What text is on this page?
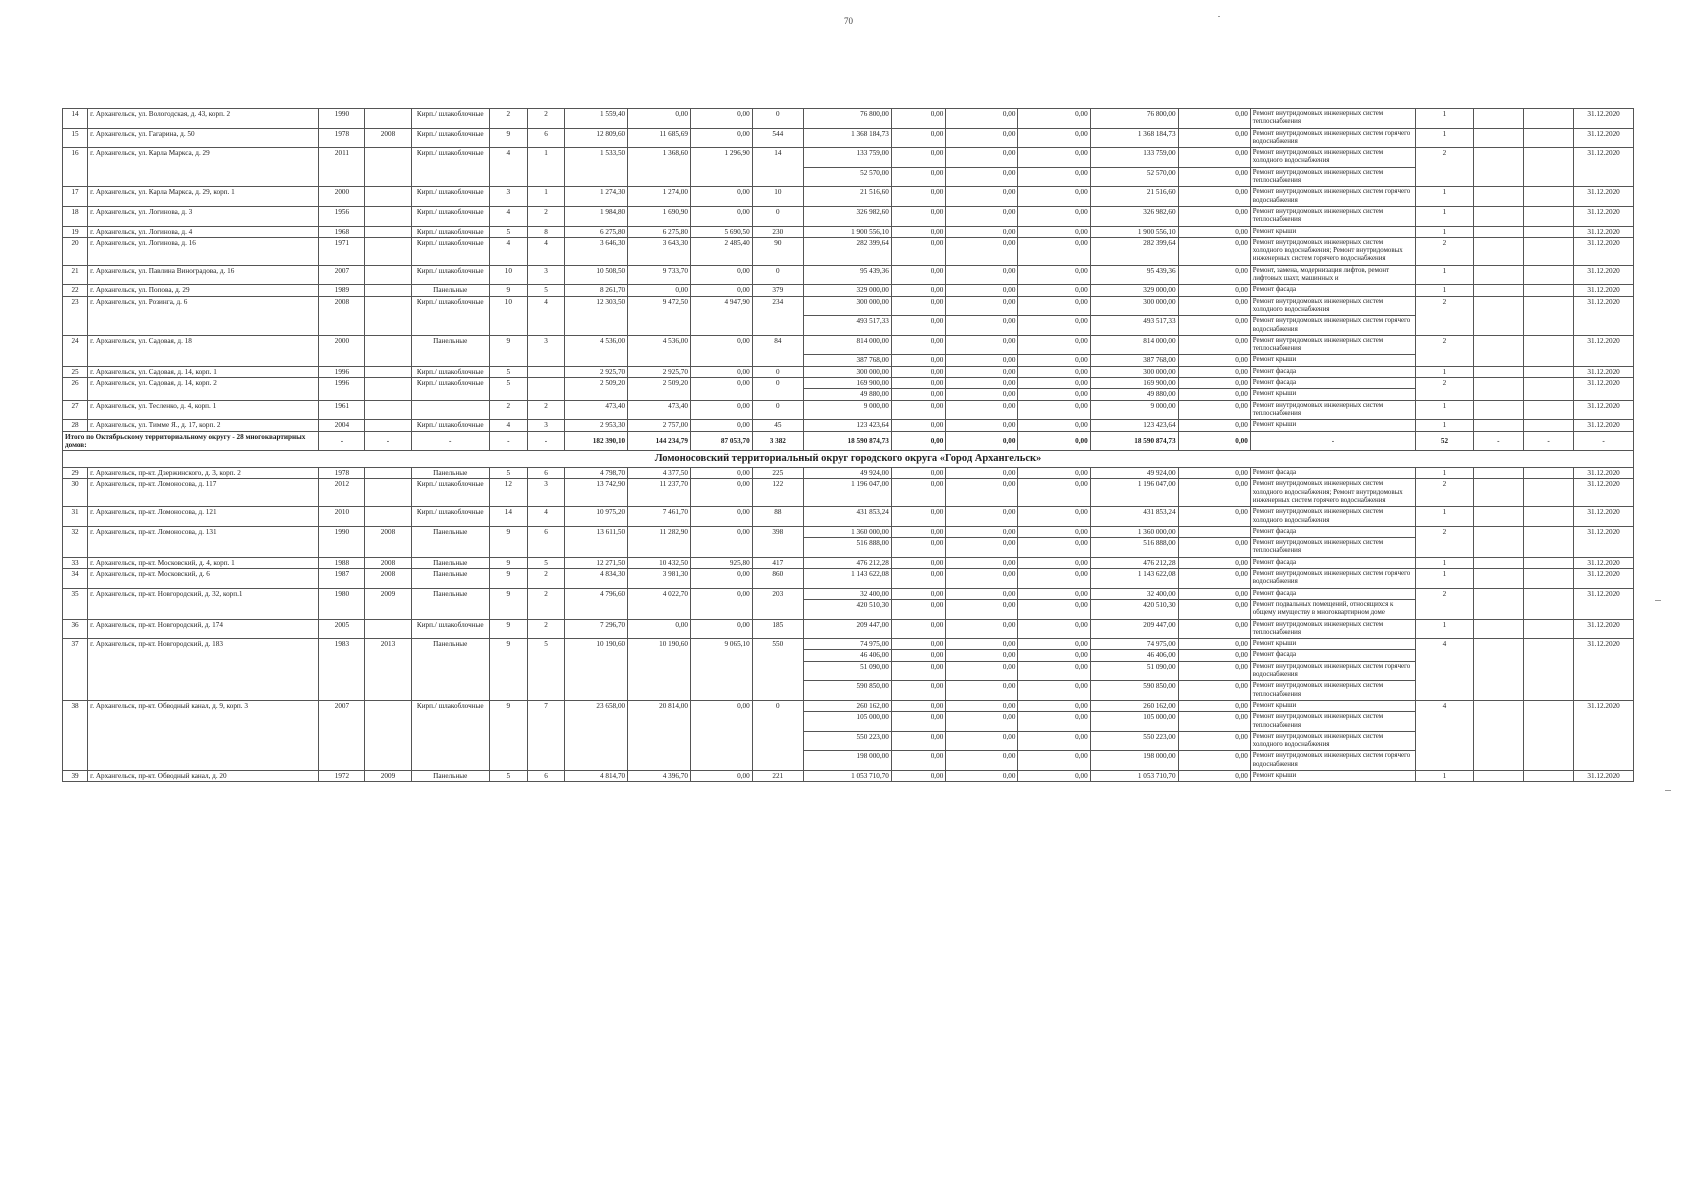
70
14	г. Архангельск, ул. Вологодская, д. 43, корп. 2	1990		Кирп./ шлакоблочные	2	2	1 559,40	0,00	0,00	0	76 800,00	0,00	0,00	0,00	76 800,00	0,00	Ремонт внутридомовых инженерных систем теплоснабжения	1			31.12.2020
15	г. Архангельск, ул. Гагарина, д. 50	1978	2008	Кирп./ шлакоблочные	9	6	12 809,60	11 685,69	0,00	544	1 368 184,73	0,00	0,00	0,00	1 368 184,73	0,00	Ремонт внутридомовых инженерных систем горячего водоснабжения	1			31.12.2020
16	г. Архангельск, ул. Карла Маркса, д. 29	2011		Кирп./ шлакоблочные	4	1	1 533,50	1 368,60	1 296,90	14	133 759,00	0,00	0,00	0,00	133 759,00	0,00	Ремонт внутридомовых инженерных систем холодного водоснабжения	2			31.12.2020
											52 570,00	0,00	0,00	0,00	52 570,00	0,00	Ремонт внутридомовых инженерных систем теплоснабжения				
17	г. Архангельск, ул. Карла Маркса, д. 29, корп. 1	2000		Кирп./ шлакоблочные	3	1	1 274,30	1 274,00	0,00	10	21 516,60	0,00	0,00	0,00	21 516,60	0,00	Ремонт внутридомовых инженерных систем горячего водоснабжения	1			31.12.2020
18	г. Архангельск, ул. Логинова, д. 3	1956		Кирп./ шлакоблочные	4	2	1 984,80	1 690,90	0,00	0	326 982,60	0,00	0,00	0,00	326 982,60	0,00	Ремонт внутридомовых инженерных систем теплоснабжения	1			31.12.2020
19	г. Архангельск, ул. Логинова, д. 4	1968		Кирп./ шлакоблочные	5	8	6 275,80	6 275,80	5 690,50	230	1 900 556,10	0,00	0,00	0,00	1 900 556,10	0,00	Ремонт крыши	1			31.12.2020
20	г. Архангельск, ул. Логинова, д. 16	1971		Кирп./ шлакоблочные	4	4	3 646,30	3 643,30	2 485,40	90	282 399,64	0,00	0,00	0,00	282 399,64	0,00	Ремонт внутридомовых инженерных систем холодного водоснабжения; Ремонт внутридомовых инженерных систем горячего водоснабжения	2			31.12.2020
21	г. Архангельск, ул. Павлина Виноградова, д. 16	2007		Кирп./ шлакоблочные	10	3	10 508,50	9 733,70	0,00	0	95 439,36	0,00	0,00	0,00	95 439,36	0,00	Ремонт, замена, модернизация лифтов, ремонт лифтовых шахт, машинных и	1			31.12.2020
22	г. Архангельск, ул. Попова, д. 29	1989		Панельные	9	5	8 261,70	0,00	0,00	379	329 000,00	0,00	0,00	0,00	329 000,00	0,00	Ремонт фасада	1			31.12.2020
23	г. Архангельск, ул. Розинга, д. 6	2008		Кирп./ шлакоблочные	10	4	12 303,50	9 472,50	4 947,90	234	300 000,00	0,00	0,00	0,00	300 000,00	0,00	Ремонт внутридомовых инженерных систем холодного водоснабжения	2			31.12.2020
											493 517,33	0,00	0,00	0,00	493 517,33	0,00	Ремонт внутридомовых инженерных систем горячего водоснабжения				
24	г. Архангельск, ул. Садовая, д. 18	2000		Панельные	9	3	4 536,00	4 536,00	0,00	84	814 000,00	0,00	0,00	0,00	814 000,00	0,00	Ремонт внутридомовых инженерных систем теплоснабжения	2			31.12.2020
											387 768,00	0,00	0,00	0,00	387 768,00	0,00	Ремонт крыши				
25	г. Архангельск, ул. Садовая, д. 14, корп. 1	1996		Кирп./ шлакоблочные	5		2 925,70	2 925,70	0,00	0	300 000,00	0,00	0,00	0,00	300 000,00	0,00	Ремонт фасада	1			31.12.2020
26	г. Архангельск, ул. Садовая, д. 14, корп. 2	1996		Кирп./ шлакоблочные	5		2 509,20	2 509,20	0,00	0	169 900,00	0,00	0,00	0,00	169 900,00	0,00	Ремонт фасада	2			31.12.2020
											49 880,00	0,00	0,00	0,00	49 880,00	0,00	Ремонт крыши				
27	г. Архангельск, ул. Тесленко, д. 4, корп. 1	1961			2	2	473,40	473,40	0,00	0	9 000,00	0,00	0,00	0,00	9 000,00	0,00	Ремонт внутридомовых инженерных систем теплоснабжения	1			31.12.2020
28	г. Архангельск, ул. Тимме Я., д. 17, корп. 2	2004		Кирп./ шлакоблочные	4	3	2 953,30	2 757,00	0,00	45	123 423,64	0,00	0,00	0,00	123 423,64	0,00	Ремонт крыши	1			31.12.2020
Итого по Октябрьскому территориальному округу - 28 многоквартирных домов:		-	-	-	-	-	182 390,10	144 234,79	87 053,70	3 382	18 590 874,73	0,00	0,00	0,00	18 590 874,73	0,00	-	52	-	-	-
Ломоносовский территориальный округ городского округа «Город Архангельск»																					
29	г. Архангельск, пр-кт. Дзержинского, д. 3, корп. 2	1978		Панельные	5	6	4 798,70	4 377,50	0,00	225	49 924,00	0,00	0,00	0,00	49 924,00	0,00	Ремонт фасада	1			31.12.2020
30	г. Архангельск, пр-кт. Ломоносова, д. 117	2012		Кирп./ шлакоблочные	12	3	13 742,90	11 237,70	0,00	122	1 196 047,00	0,00	0,00	0,00	1 196 047,00	0,00	Ремонт внутридомовых инженерных систем холодного водоснабжения; Ремонт внутридомовых инженерных систем горячего водоснабжения	2			31.12.2020
31	г. Архангельск, пр-кт. Ломоносова, д. 121	2010		Кирп./ шлакоблочные	14	4	10 975,20	7 461,70	0,00	88	431 853,24	0,00	0,00	0,00	431 853,24	0,00	Ремонт внутридомовых инженерных систем холодного водоснабжения	1			31.12.2020
32	г. Архангельск, пр-кт. Ломоносова, д. 131	1990	2008	Панельные	9	6	13 611,50	11 282,90	0,00	398	1 360 000,00	0,00	0,00	0,00	1 360 000,00		Ремонт фасада	2			31.12.2020
											516 888,00	0,00	0,00	0,00	516 888,00	0,00	Ремонт внутридомовых инженерных систем теплоснабжения				
33	г. Архангельск, пр-кт. Московский, д. 4, корп. 1	1988	2008	Панельные	9	5	12 271,50	10 432,50	925,80	417	476 212,28	0,00	0,00	0,00	476 212,28	0,00	Ремонт фасада	1			31.12.2020
34	г. Архангельск, пр-кт. Московский, д. 6	1987	2008	Панельные	9	2	4 834,30	3 981,30	0,00	860	1 143 622,08	0,00	0,00	0,00	1 143 622,08	0,00	Ремонт внутридомовых инженерных систем горячего водоснабжения	1			31.12.2020
35	г. Архангельск, пр-кт. Новгородский, д. 32, корп.1	1980	2009	Панельные	9	2	4 796,60	4 022,70	0,00	203	32 400,00	0,00	0,00	0,00	32 400,00	0,00	Ремонт фасада	2			31.12.2020
											420 510,30	0,00	0,00	0,00	420 510,30	0,00	Ремонт подвальных помещений, относящихся к общему имуществу в многоквартирном доме				
36	г. Архангельск, пр-кт. Новгородский, д. 174	2005		Кирп./ шлакоблочные	9	2	7 296,70	0,00	0,00	185	209 447,00	0,00	0,00	0,00	209 447,00	0,00	Ремонт внутридомовых инженерных систем теплоснабжения	1			31.12.2020
37	г. Архангельск, пр-кт. Новгородский, д. 183	1983	2013	Панельные	9	5	10 190,60	10 190,60	9 065,10	550	74 975,00	0,00	0,00	0,00	74 975,00	0,00	Ремонт крыши	4			31.12.2020
											46 406,00	0,00	0,00	0,00	46 406,00	0,00	Ремонт фасада				
											51 090,00	0,00	0,00	0,00	51 090,00	0,00	Ремонт внутридомовых инженерных систем горячего водоснабжения				
											590 850,00	0,00	0,00	0,00	590 850,00	0,00	Ремонт внутридомовых инженерных систем теплоснабжения				
38	г. Архангельск, пр-кт. Обводный канал, д. 9, корп. 3	2007		Кирп./ шлакоблочные	9	7	23 658,00	20 814,00	0,00	0	260 162,00	0,00	0,00	0,00	260 162,00	0,00	Ремонт крыши	4			31.12.2020
											105 000,00	0,00	0,00	0,00	105 000,00	0,00	Ремонт внутридомовых инженерных систем теплоснабжения				
											550 223,00	0,00	0,00	0,00	550 223,00	0,00	Ремонт внутридомовых инженерных систем холодного водоснабжения				
											198 000,00	0,00	0,00	0,00	198 000,00	0,00	Ремонт внутридомовых инженерных систем горячего водоснабжения				
39	г. Архангельск, пр-кт. Обводный канал, д. 20	1972	2009	Панельные	5	6	4 814,70	4 396,70	0,00	221	1 053 710,70	0,00	0,00	0,00	1 053 710,70	0,00	Ремонт крыши	1			31.12.2020
